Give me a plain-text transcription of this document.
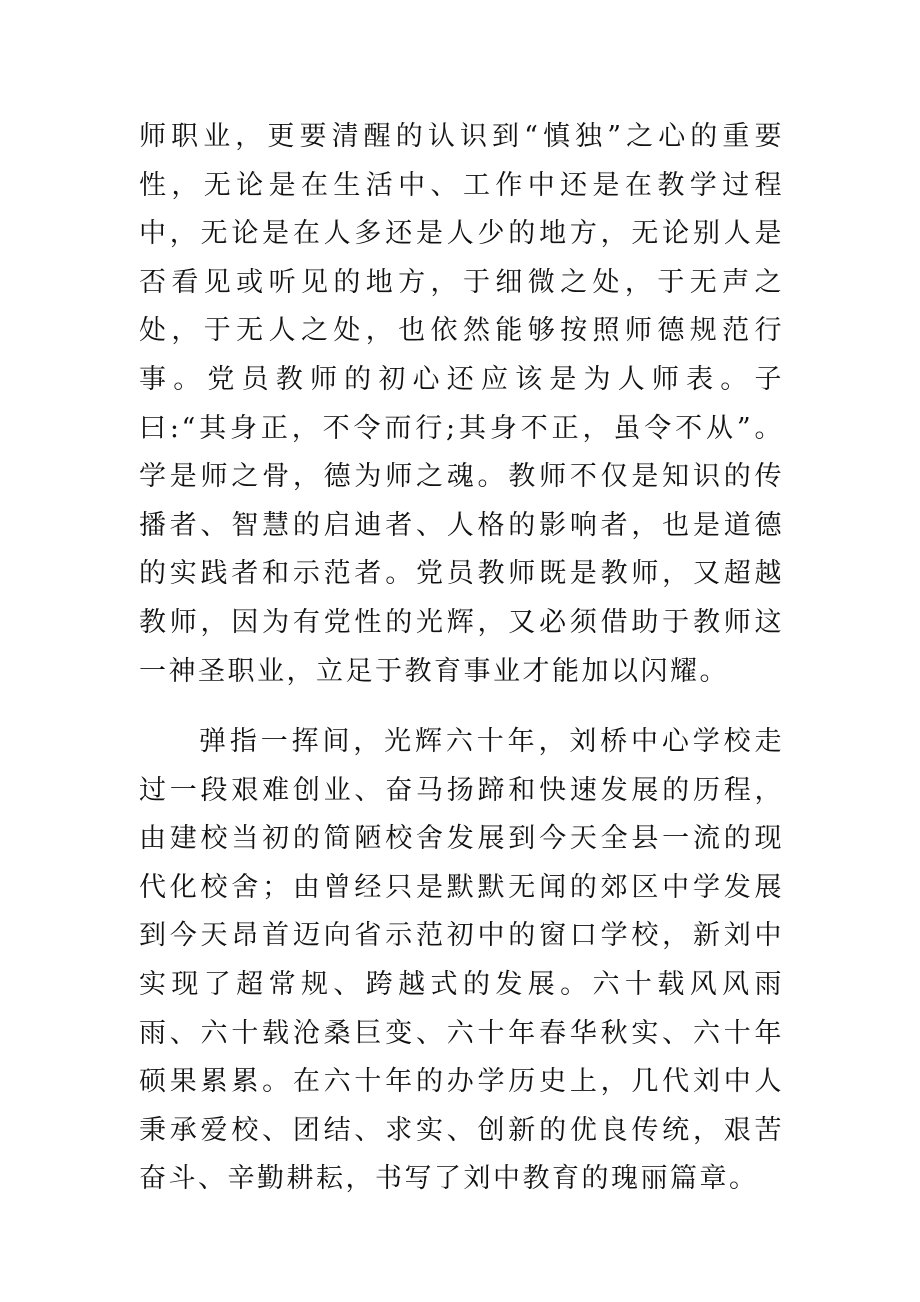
师职业，更要清醒的认识到“慎独”之心的重要性，无论是在生活中、工作中还是在教学过程中，无论是在人多还是人少的地方，无论别人是否看见或听见的地方，于细微之处，于无声之处，于无人之处，也依然能够按照师德规范行事。党员教师的初心还应该是为人师表。子曰:“其身正，不令而行;其身不正，虽令不从”。学是师之骨，德为师之魂。教师不仅是知识的传播者、智慧的启迪者、人格的影响者，也是道德的实践者和示范者。党员教师既是教师，又超越教师，因为有党性的光辉，又必须借助于教师这一神圣职业，立足于教育事业才能加以闪耀。

弹指一挥间，光辉六十年，刘桥中心学校走过一段艰难创业、奋马扬蹄和快速发展的历程，由建校当初的简陋校舍发展到今天全县一流的现代化校舍；由曾经只是默默无闻的郊区中学发展到今天昂首迈向省示范初中的窗口学校，新刘中实现了超常规、跨越式的发展。六十载风风雨雨、六十载沧桑巨变、六十年春华秋实、六十年硕果累累。在六十年的办学历史上，几代刘中人秉承爱校、团结、求实、创新的优良传统，艰苦奋斗、辛勤耕耘，书写了刘中教育的瑰丽篇章。
